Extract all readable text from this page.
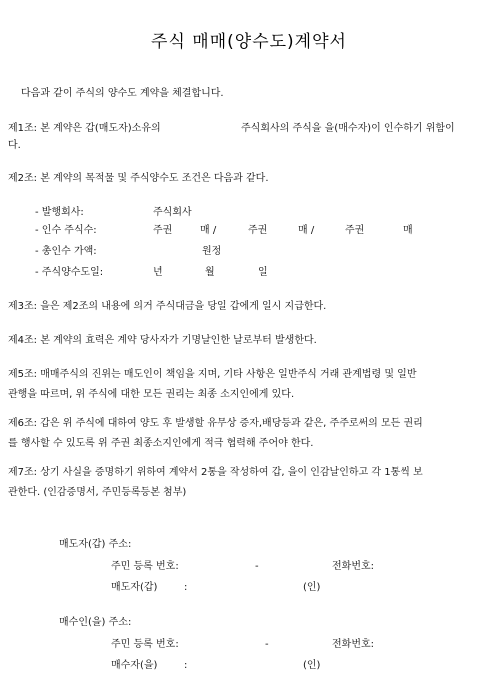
주식 매매(양수도)계약서
다음과 같이 주식의 양수도 계약을 체결합니다.
제1조: 본 계약은 갑(매도자)소유의	주식회사의 주식을 을(매수자)이 인수하기 위함이
다.
제2조: 본 계약의 목적물 및 주식양수도 조건은 다음과 같다.
- 발행회사:	주식회사
- 인수 주식수:	주권	매 /	주권	매 /	주권	매
- 총인수 가액:	원정
- 주식양수도일:	년	월	일
제3조: 을은 제2조의 내용에 의거 주식대금을 당일 갑에게 일시 지급한다.
제4조: 본 계약의 효력은 계약 당사자가 기명날인한 날로부터 발생한다.
제5조: 매매주식의 진위는 매도인이 책임을 지며, 기타 사항은 일반주식 거래 관계법령 및 일반
관행을 따르며, 위 주식에 대한 모든 권리는 최종 소지인에게 있다.
제6조: 갑은 위 주식에 대하여 양도 후 발생할 유무상 증자,배당등과 같은, 주주로써의 모든 권리
를 행사할 수 있도록 위 주권 최종소지인에게 적극 협력해 주어야 한다.
제7조: 상기 사실을 증명하기 위하여 계약서 2통을 작성하여 갑, 을이 인감날인하고 각 1통씩 보
관한다. (인감증명서, 주민등록등본 첨부)
매도자(갑) 주소:
주민 등록 번호:	-	전화번호:
매도자(갑)	:	(인)
매수인(을) 주소:
주민 등록 번호:	-	전화번호:
매수자(을)	:	(인)
